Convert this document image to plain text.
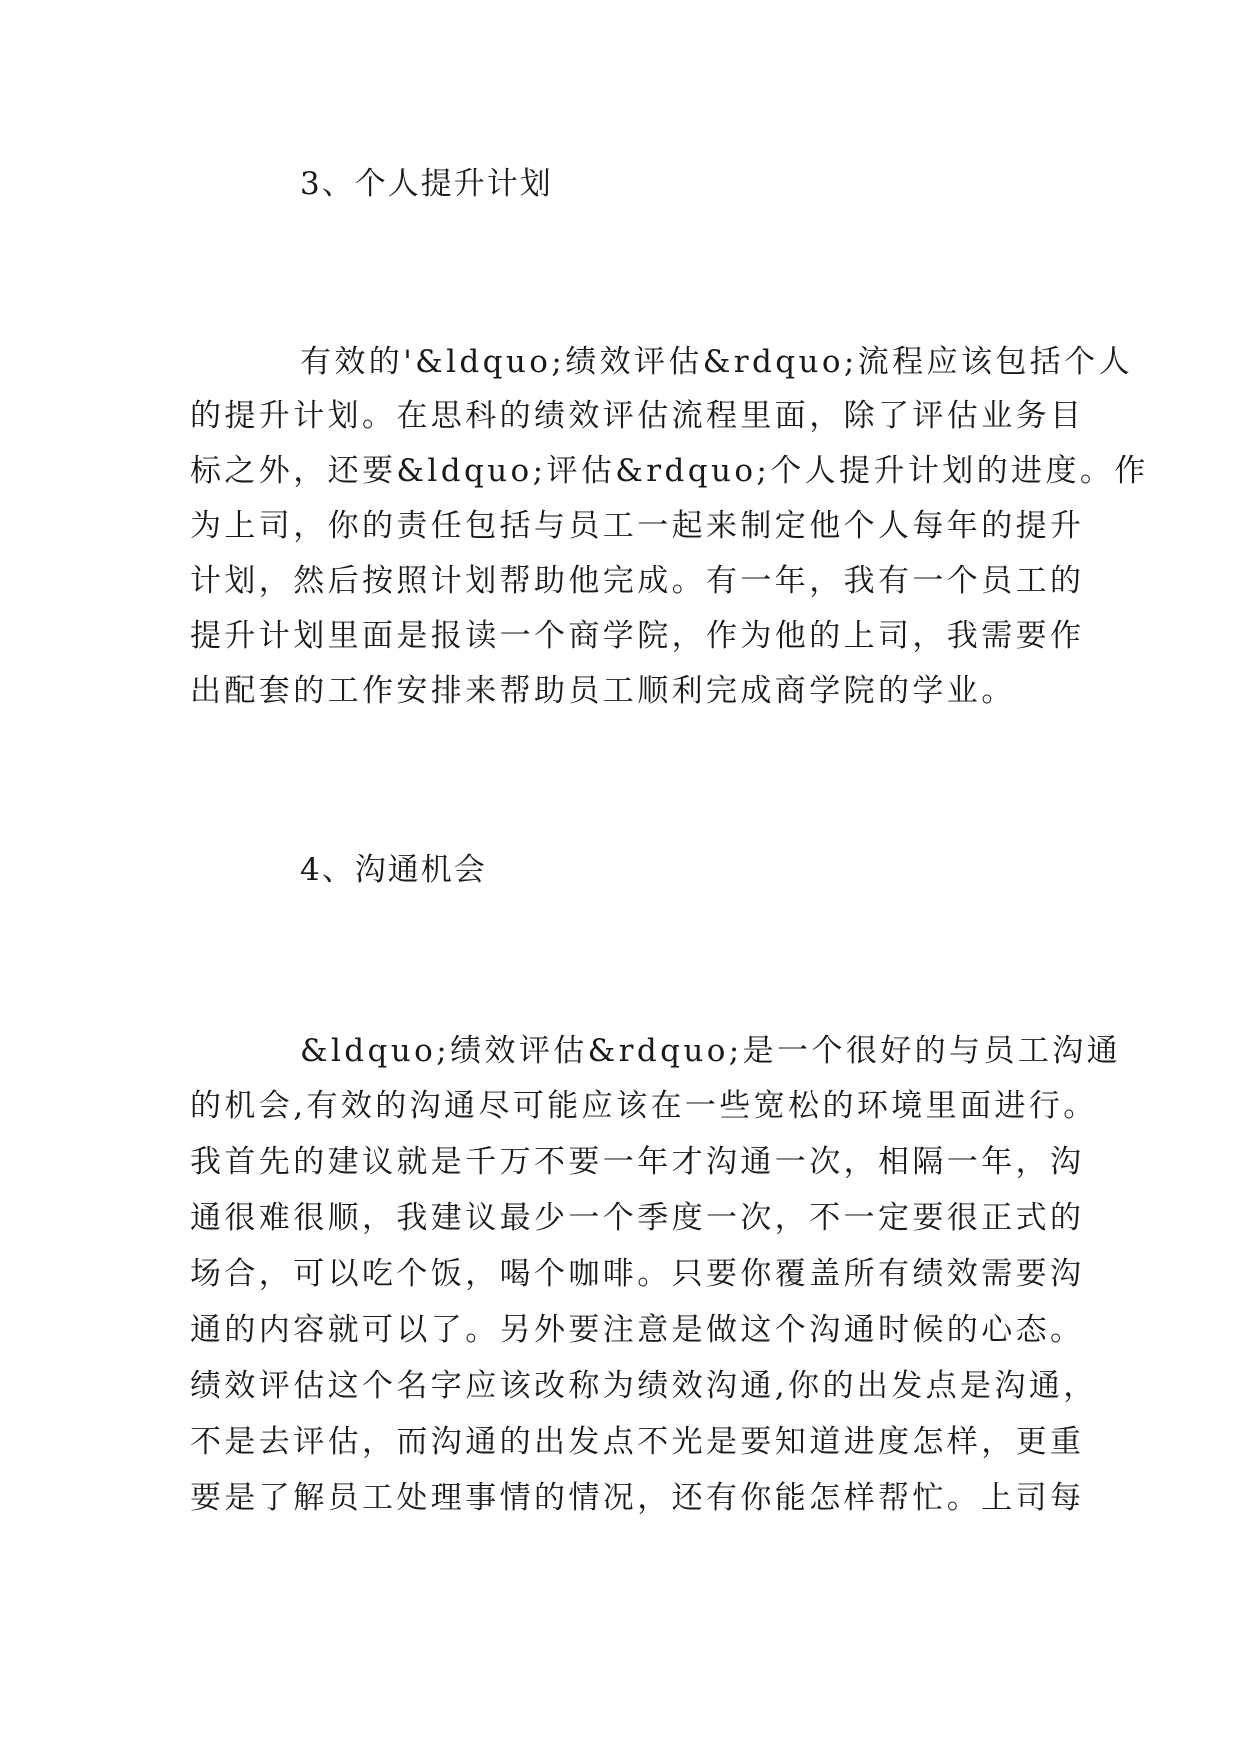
3、个人提升计划
有效的'&ldquo;绩效评估&rdquo;流程应该包括个人
的提升计划。在思科的绩效评估流程里面，除了评估业务目
标之外，还要&ldquo;评估&rdquo;个人提升计划的进度。作
为上司，你的责任包括与员工一起来制定他个人每年的提升
计划，然后按照计划帮助他完成。有一年，我有一个员工的
提升计划里面是报读一个商学院，作为他的上司，我需要作
出配套的工作安排来帮助员工顺利完成商学院的学业。
4、沟通机会
&ldquo;绩效评估&rdquo;是一个很好的与员工沟通
的机会,有效的沟通尽可能应该在一些宽松的环境里面进行。
我首先的建议就是千万不要一年才沟通一次，相隔一年，沟
通很难很顺，我建议最少一个季度一次，不一定要很正式的
场合，可以吃个饭，喝个咖啡。只要你覆盖所有绩效需要沟
通的内容就可以了。另外要注意是做这个沟通时候的心态。
绩效评估这个名字应该改称为绩效沟通,你的出发点是沟通，
不是去评估，而沟通的出发点不光是要知道进度怎样，更重
要是了解员工处理事情的情况，还有你能怎样帮忙。上司每
